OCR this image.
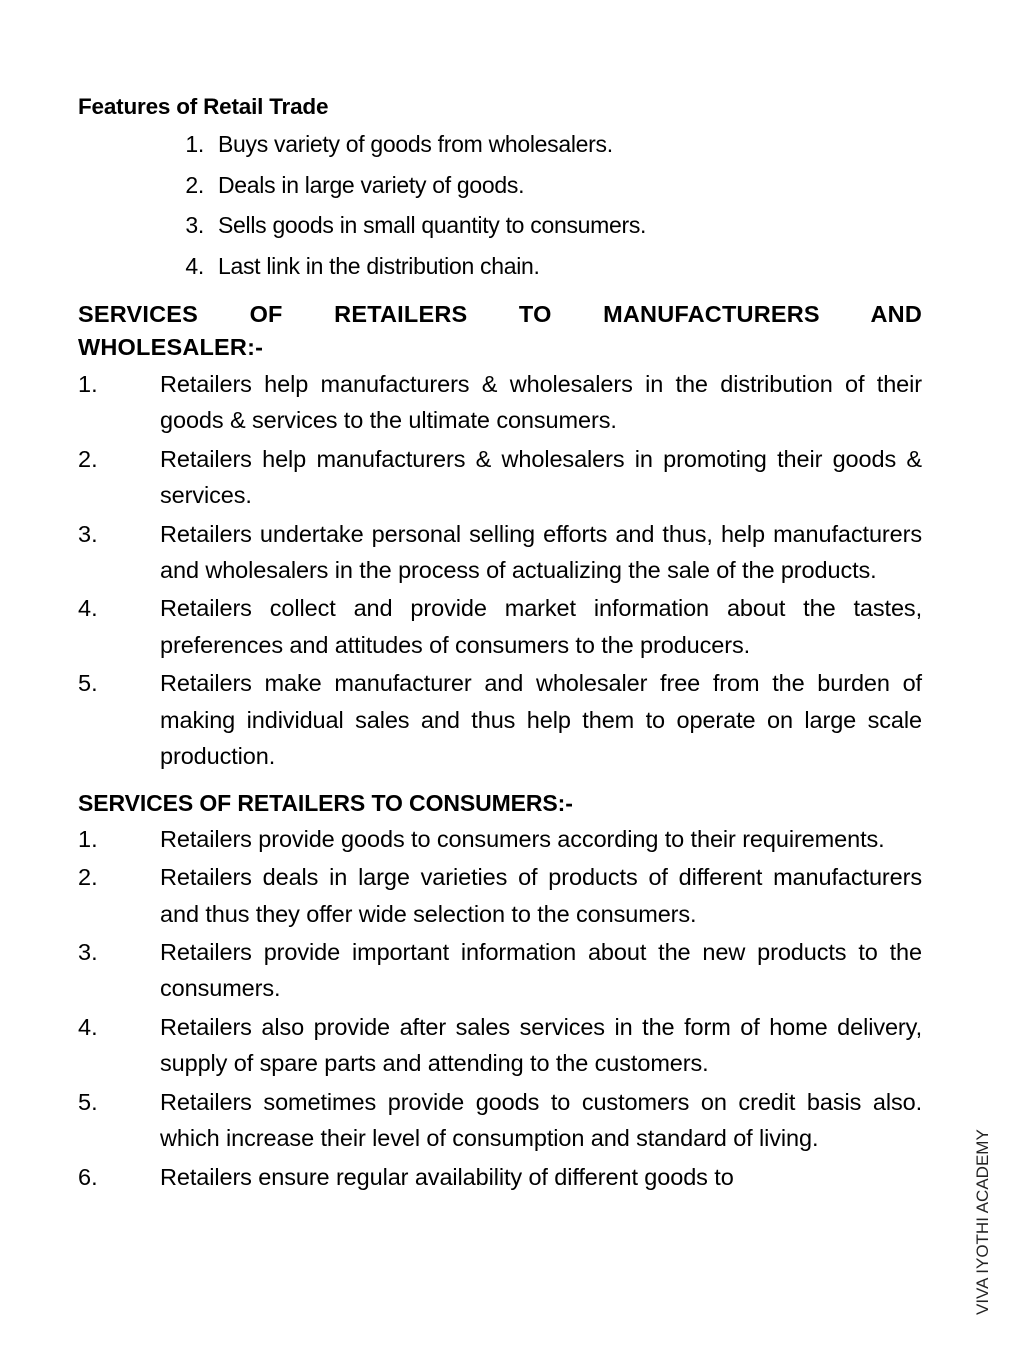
Features of Retail Trade
1. Buys variety of goods from wholesalers.
2. Deals in large variety of goods.
3. Sells goods in small quantity to consumers.
4. Last link in the distribution chain.
SERVICES OF RETAILERS TO MANUFACTURERS AND
WHOLESALER:-
1.	Retailers help manufacturers & wholesalers in the distribution of their goods & services to the ultimate consumers.
2.	Retailers help manufacturers & wholesalers in promoting their goods & services.
3.	Retailers undertake personal selling efforts and thus, help manufacturers and wholesalers in the process of actualizing the sale of the products.
4.	Retailers collect and provide market information about the tastes, preferences and attitudes of consumers to the producers.
5.	Retailers make manufacturer and wholesaler free from the burden of making individual sales and thus help them to operate on large scale production.
SERVICES OF RETAILERS TO CONSUMERS:-
1.	Retailers provide goods to consumers according to their requirements.
2.	Retailers deals in large varieties of products of different manufacturers and thus they offer wide selection to the consumers.
3.	Retailers provide important information about the new products to the consumers.
4.	Retailers also provide after sales services in the form of home delivery, supply of spare parts and attending to the customers.
5.	Retailers sometimes provide goods to customers on credit basis also. which increase their level of consumption and standard of living.
6.	Retailers ensure regular availability of different goods to	VIVA IYOTHI ACADEMY
